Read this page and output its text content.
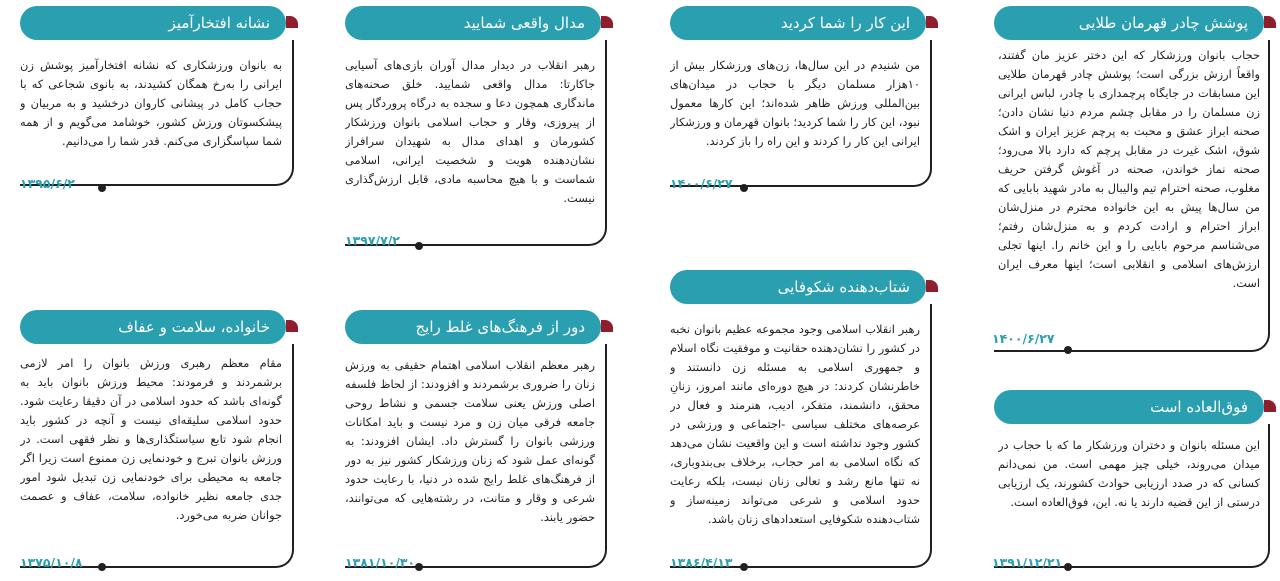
پوشش چادر قهرمان طلایی
حجاب بانوان ورزشکار که این دختر عزیز مان گفتند، واقعاً ارزش بزرگی است؛ پوشش چادر قهرمان طلایی این مسابقات در جایگاه پرچمداری با چادر، لباس ایرانی زن مسلمان را در مقابل چشم مردم دنیا نشان دادن؛ صحنه ابراز عشق و محبت به پرچم عزیز ایران و اشک شوق، اشک غیرت در مقابل پرچم که دارد بالا می‌رود؛ صحنه نماز خواندن، صحنه در آغوش گرفتن حریف مغلوب، صحنه احترام تیم والیبال به مادر شهید بابایی که من سال‌ها پیش به این خانواده محترم در منزل‌شان ابراز احترام و ارادت کردم و به منزل‌شان رفتم؛ می‌شناسم مرحوم بابایی را و این خانم را. اینها تجلی ارزش‌های اسلامی و انقلابی است؛ اینها معرف ایران است.
۱۴۰۰/۶/۲۷
این کار را شما کردید
من شنیدم در این سال‌ها، زن‌های ورزشکار بیش از ۱۰هزار مسلمان دیگر با حجاب در میدان‌های بین‌المللی ورزش ظاهر شده‌اند؛ این کارها معمول نبود، این کار را شما کردید؛ بانوان قهرمان و ورزشکار ایرانی این کار را کردند و این راه را باز کردند.
۱۴۰۰/۶/۲۷
مدال واقعی شمایید
رهبر انقلاب در دیدار مدال آوران بازی‌های آسیایی جاکارتا: مدال واقعی شمایید. خلق صحنه‌های ماندگاری همچون دعا و سجده به درگاه پروردگار پس از پیروزی، وقار و حجاب اسلامی بانوان ورزشکار کشورمان و اهدای مدال به شهیدان سرافراز نشان‌دهنده هویت و شخصیت ایرانی، اسلامی شماست و با هیچ محاسبه مادی، قابل ارزش‌گذاری نیست.
۱۳۹۷/۷/۲
نشانه افتخارآمیز
به بانوان ورزشکاری که نشانه افتخارآمیز پوشش زن ایرانی را به‌رخ همگان کشیدند، به بانوی شجاعی که با حجاب کامل در پیشانی کاروان درخشید و به مربیان و پیشکسوتان ورزش کشور، خوشامد می‌گویم و از همه شما سپاسگزاری می‌کنم. قدر شما را می‌دانیم.
۱۳۹۵/۶/۲
فوق‌العاده است
این مسئله بانوان و دختران ورزشکار ما که با حجاب در میدان می‌روند، خیلی چیز مهمی است. من نمی‌دانم کسانی که در صدد ارزیابی حوادث کشورند، یک ارزیابی درستی از این قضیه دارند یا نه. این، فوق‌العاده است.
۱۳۹۱/۱۲/۲۱
شتاب‌دهنده شکوفایی
رهبر انقلاب اسلامی وجود مجموعه عظیم بانوان نخبه در کشور را نشان‌دهنده حقانیت و موفقیت نگاه اسلام و جمهوری اسلامی به مسئله زن دانستند و خاطرنشان کردند: در هیچ دوره‌ای مانند امروز، زنانِ محقق، دانشمند، متفکر، ادیب، هنرمند و فعال در عرصه‌های مختلف سیاسی -اجتماعی و ورزشی در کشور وجود نداشته است و این واقعیت نشان می‌دهد که نگاه اسلامی به امر حجاب، برخلاف بی‌بندوباری، نه تنها مانع رشد و تعالی زنان نیست، بلکه رعایت حدود اسلامی و شرعی می‌تواند زمینه‌ساز و شتاب‌دهنده شکوفایی استعدادهای زنان باشد.
۱۳۸۶/۴/۱۳
دور از فرهنگ‌های غلط رایج
رهبر معظم انقلاب اسلامی اهتمام حقیقی به ورزش زنان را ضروری برشمردند و افزودند: از لحاظ فلسفه اصلی ورزش یعنی سلامت جسمی و نشاط روحی جامعه فرقی میان زن و مرد نیست و باید امکانات ورزشی بانوان را گسترش داد. ایشان افزودند: به گونه‌ای عمل شود که زنان ورزشکار کشور نیز به دور از فرهنگ‌های غلط رایج شده در دنیا، با رعایت حدود شرعی و وقار و متانت، در رشته‌هایی که می‌توانند، حضور یابند.
۱۳۸۱/۱۰/۳۰
خانواده، سلامت و عفاف
مقام معظم رهبری ورزش بانوان را امر لازمی برشمردند و فرمودند: محیط ورزش بانوان باید به گونه‌ای باشد که حدود اسلامی در آن دقیقا رعایت شود. حدود اسلامی سلیقه‌ای نیست و آنچه در کشور باید انجام شود تابع سیاستگذاری‌ها و نظر فقهی است. در ورزش بانوان تبرج و خودنمایی زن ممنوع است زیرا اگر جامعه به محیطی برای خودنمایی زن تبدیل شود امور جدی جامعه نظیر خانواده، سلامت، عفاف و عصمت جوانان ضربه می‌خورد.
۱۳۷۵/۱۰/۸
